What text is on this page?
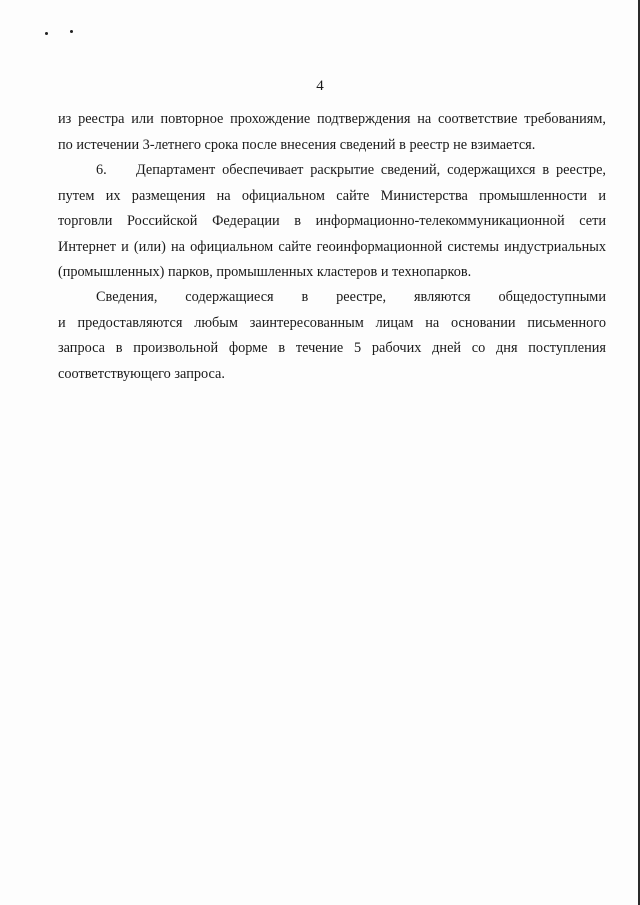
4
из реестра или повторное прохождение подтверждения на соответствие требованиям,
по истечении 3-летнего срока после внесения сведений в реестр не взимается.
6. Департамент обеспечивает раскрытие сведений, содержащихся в реестре,
путем их размещения на официальном сайте Министерства промышленности и
торговли Российской Федерации в информационно-телекоммуникационной сети
Интернет и (или) на официальном сайте геоинформационной системы индустриальных
(промышленных) парков, промышленных кластеров и технопарков.
Сведения, содержащиеся в реестре, являются общедоступными
и предоставляются любым заинтересованным лицам на основании письменного
запроса в произвольной форме в течение 5 рабочих дней со дня поступления
соответствующего запроса.
